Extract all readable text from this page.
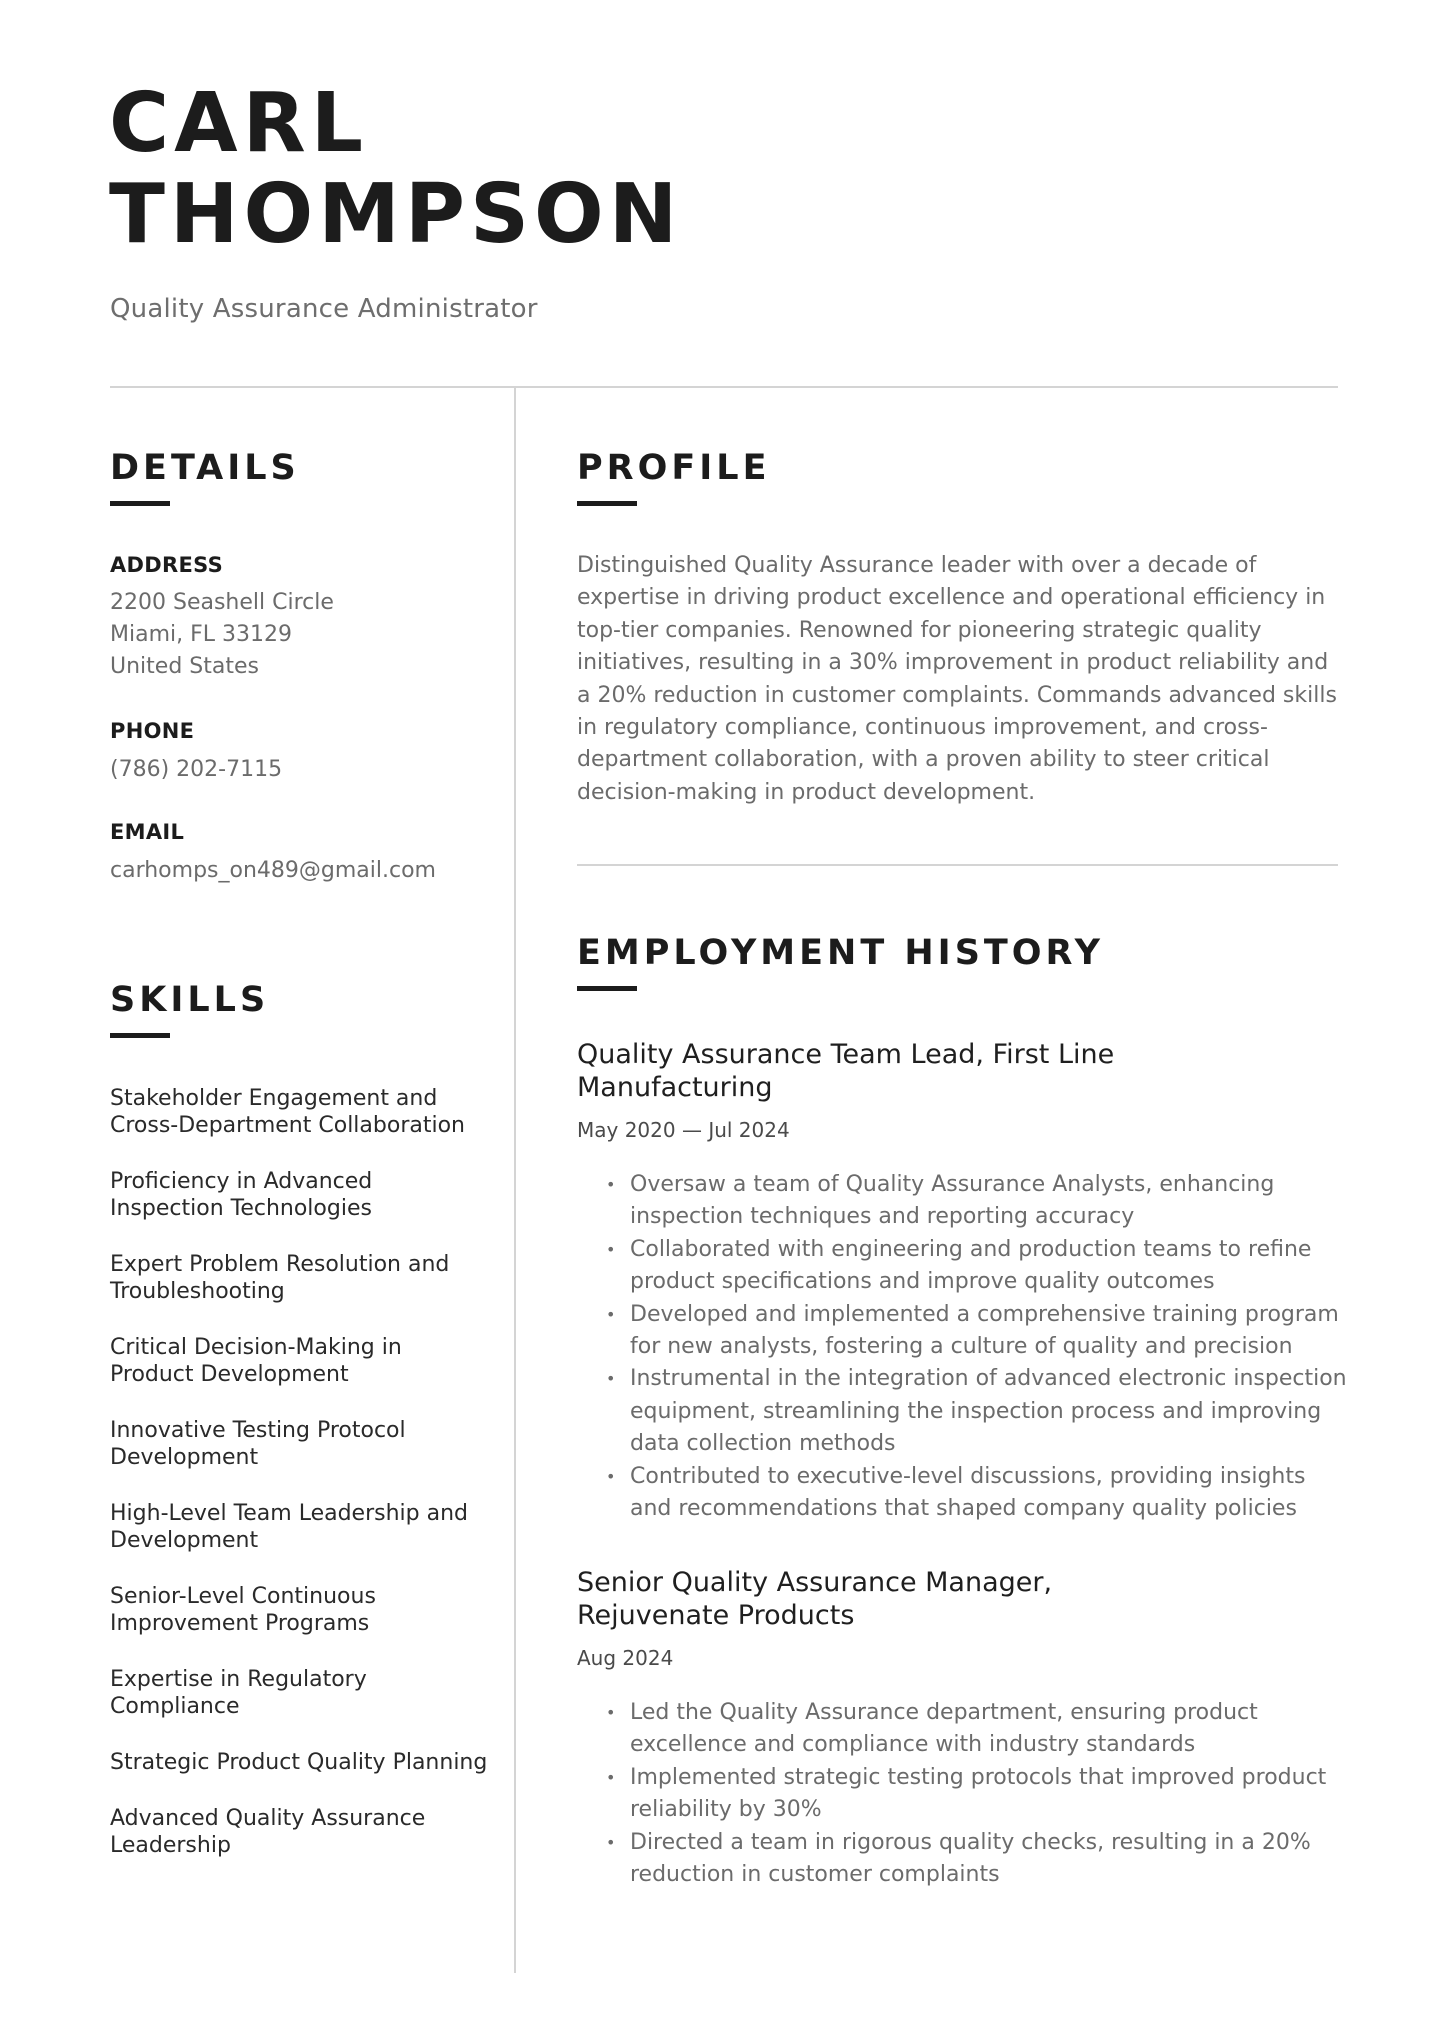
CARL
THOMPSON
Quality Assurance Administrator
DETAILS
ADDRESS
2200 Seashell Circle
Miami, FL 33129
United States
PHONE
(786) 202-7115
EMAIL
carhomps_on489@gmail.com
SKILLS
Stakeholder Engagement and Cross-Department Collaboration
Proficiency in Advanced Inspection Technologies
Expert Problem Resolution and Troubleshooting
Critical Decision-Making in Product Development
Innovative Testing Protocol Development
High-Level Team Leadership and Development
Senior-Level Continuous Improvement Programs
Expertise in Regulatory Compliance
Strategic Product Quality Planning
Advanced Quality Assurance Leadership
PROFILE

Distinguished Quality Assurance leader with over a decade of expertise in driving product excellence and operational efficiency in top-tier companies. Renowned for pioneering strategic quality initiatives, resulting in a 30% improvement in product reliability and a 20% reduction in customer complaints. Commands advanced skills in regulatory compliance, continuous improvement, and cross-department collaboration, with a proven ability to steer critical decision-making in product development.

EMPLOYMENT HISTORY
Quality Assurance Team Lead, First Line
Manufacturing
May 2020 — Jul 2024
• Oversaw a team of Quality Assurance Analysts, enhancing inspection techniques and reporting accuracy
• Collaborated with engineering and production teams to refine product specifications and improve quality outcomes
• Developed and implemented a comprehensive training program for new analysts, fostering a culture of quality and precision
• Instrumental in the integration of advanced electronic inspection equipment, streamlining the inspection process and improving data collection methods
• Contributed to executive-level discussions, providing insights and recommendations that shaped company quality policies
Senior Quality Assurance Manager,
Rejuvenate Products
Aug 2024
• Led the Quality Assurance department, ensuring product excellence and compliance with industry standards
• Implemented strategic testing protocols that improved product reliability by 30%
• Directed a team in rigorous quality checks, resulting in a 20% reduction in customer complaints
